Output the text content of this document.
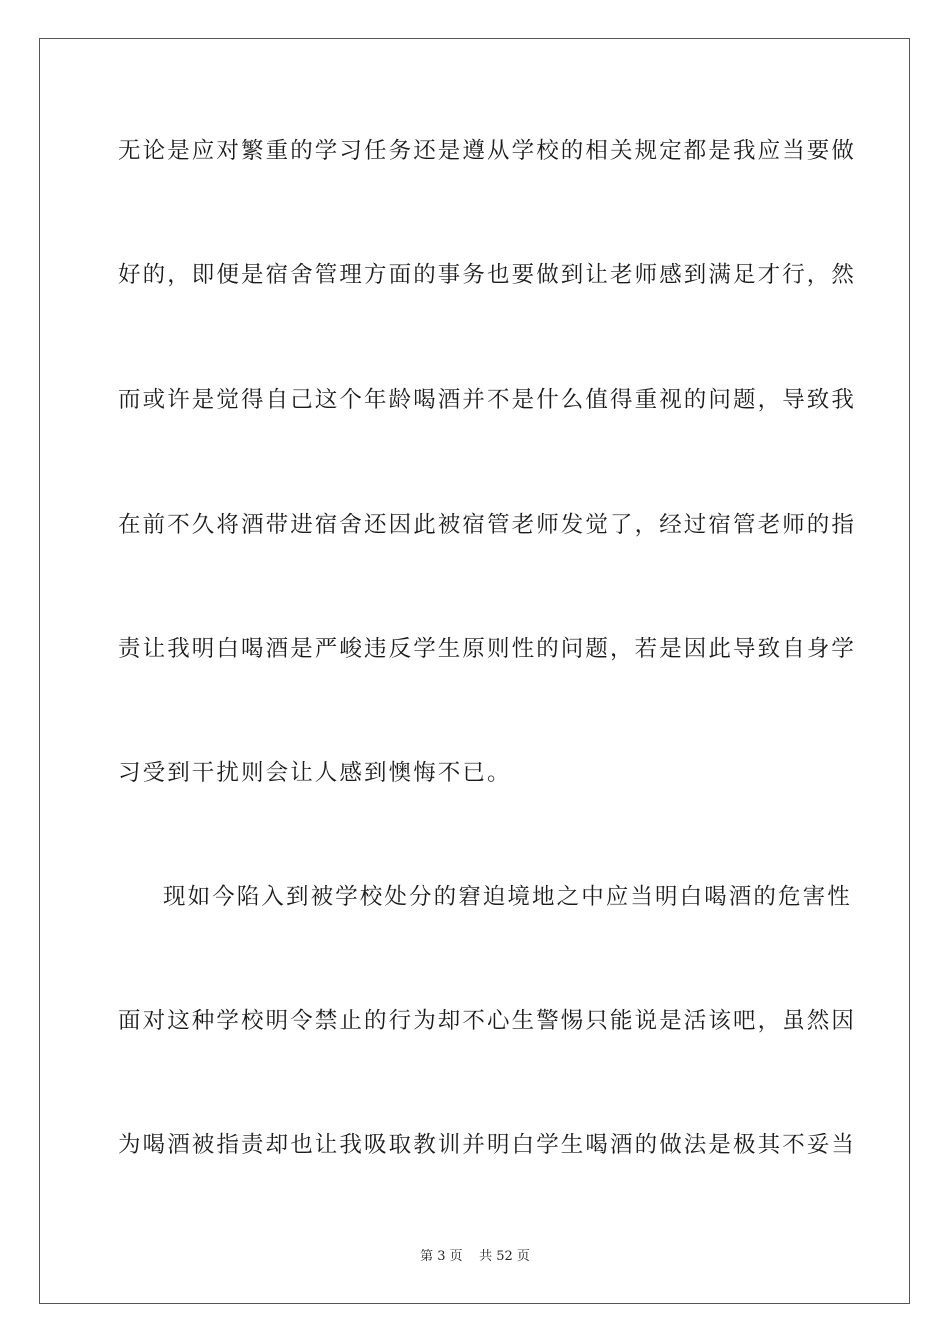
无论是应对繁重的学习任务还是遵从学校的相关规定都是我应当要做
好的，即便是宿舍管理方面的事务也要做到让老师感到满足才行，然
而或许是觉得自己这个年龄喝酒并不是什么值得重视的问题，导致我
在前不久将酒带进宿舍还因此被宿管老师发觉了，经过宿管老师的指
责让我明白喝酒是严峻违反学生原则性的问题，若是因此导致自身学
习受到干扰则会让人感到懊悔不已。
现如今陷入到被学校处分的窘迫境地之中应当明白喝酒的危害性
面对这种学校明令禁止的行为却不心生警惕只能说是活该吧，虽然因
为喝酒被指责却也让我吸取教训并明白学生喝酒的做法是极其不妥当
第 3 页    共 52 页
